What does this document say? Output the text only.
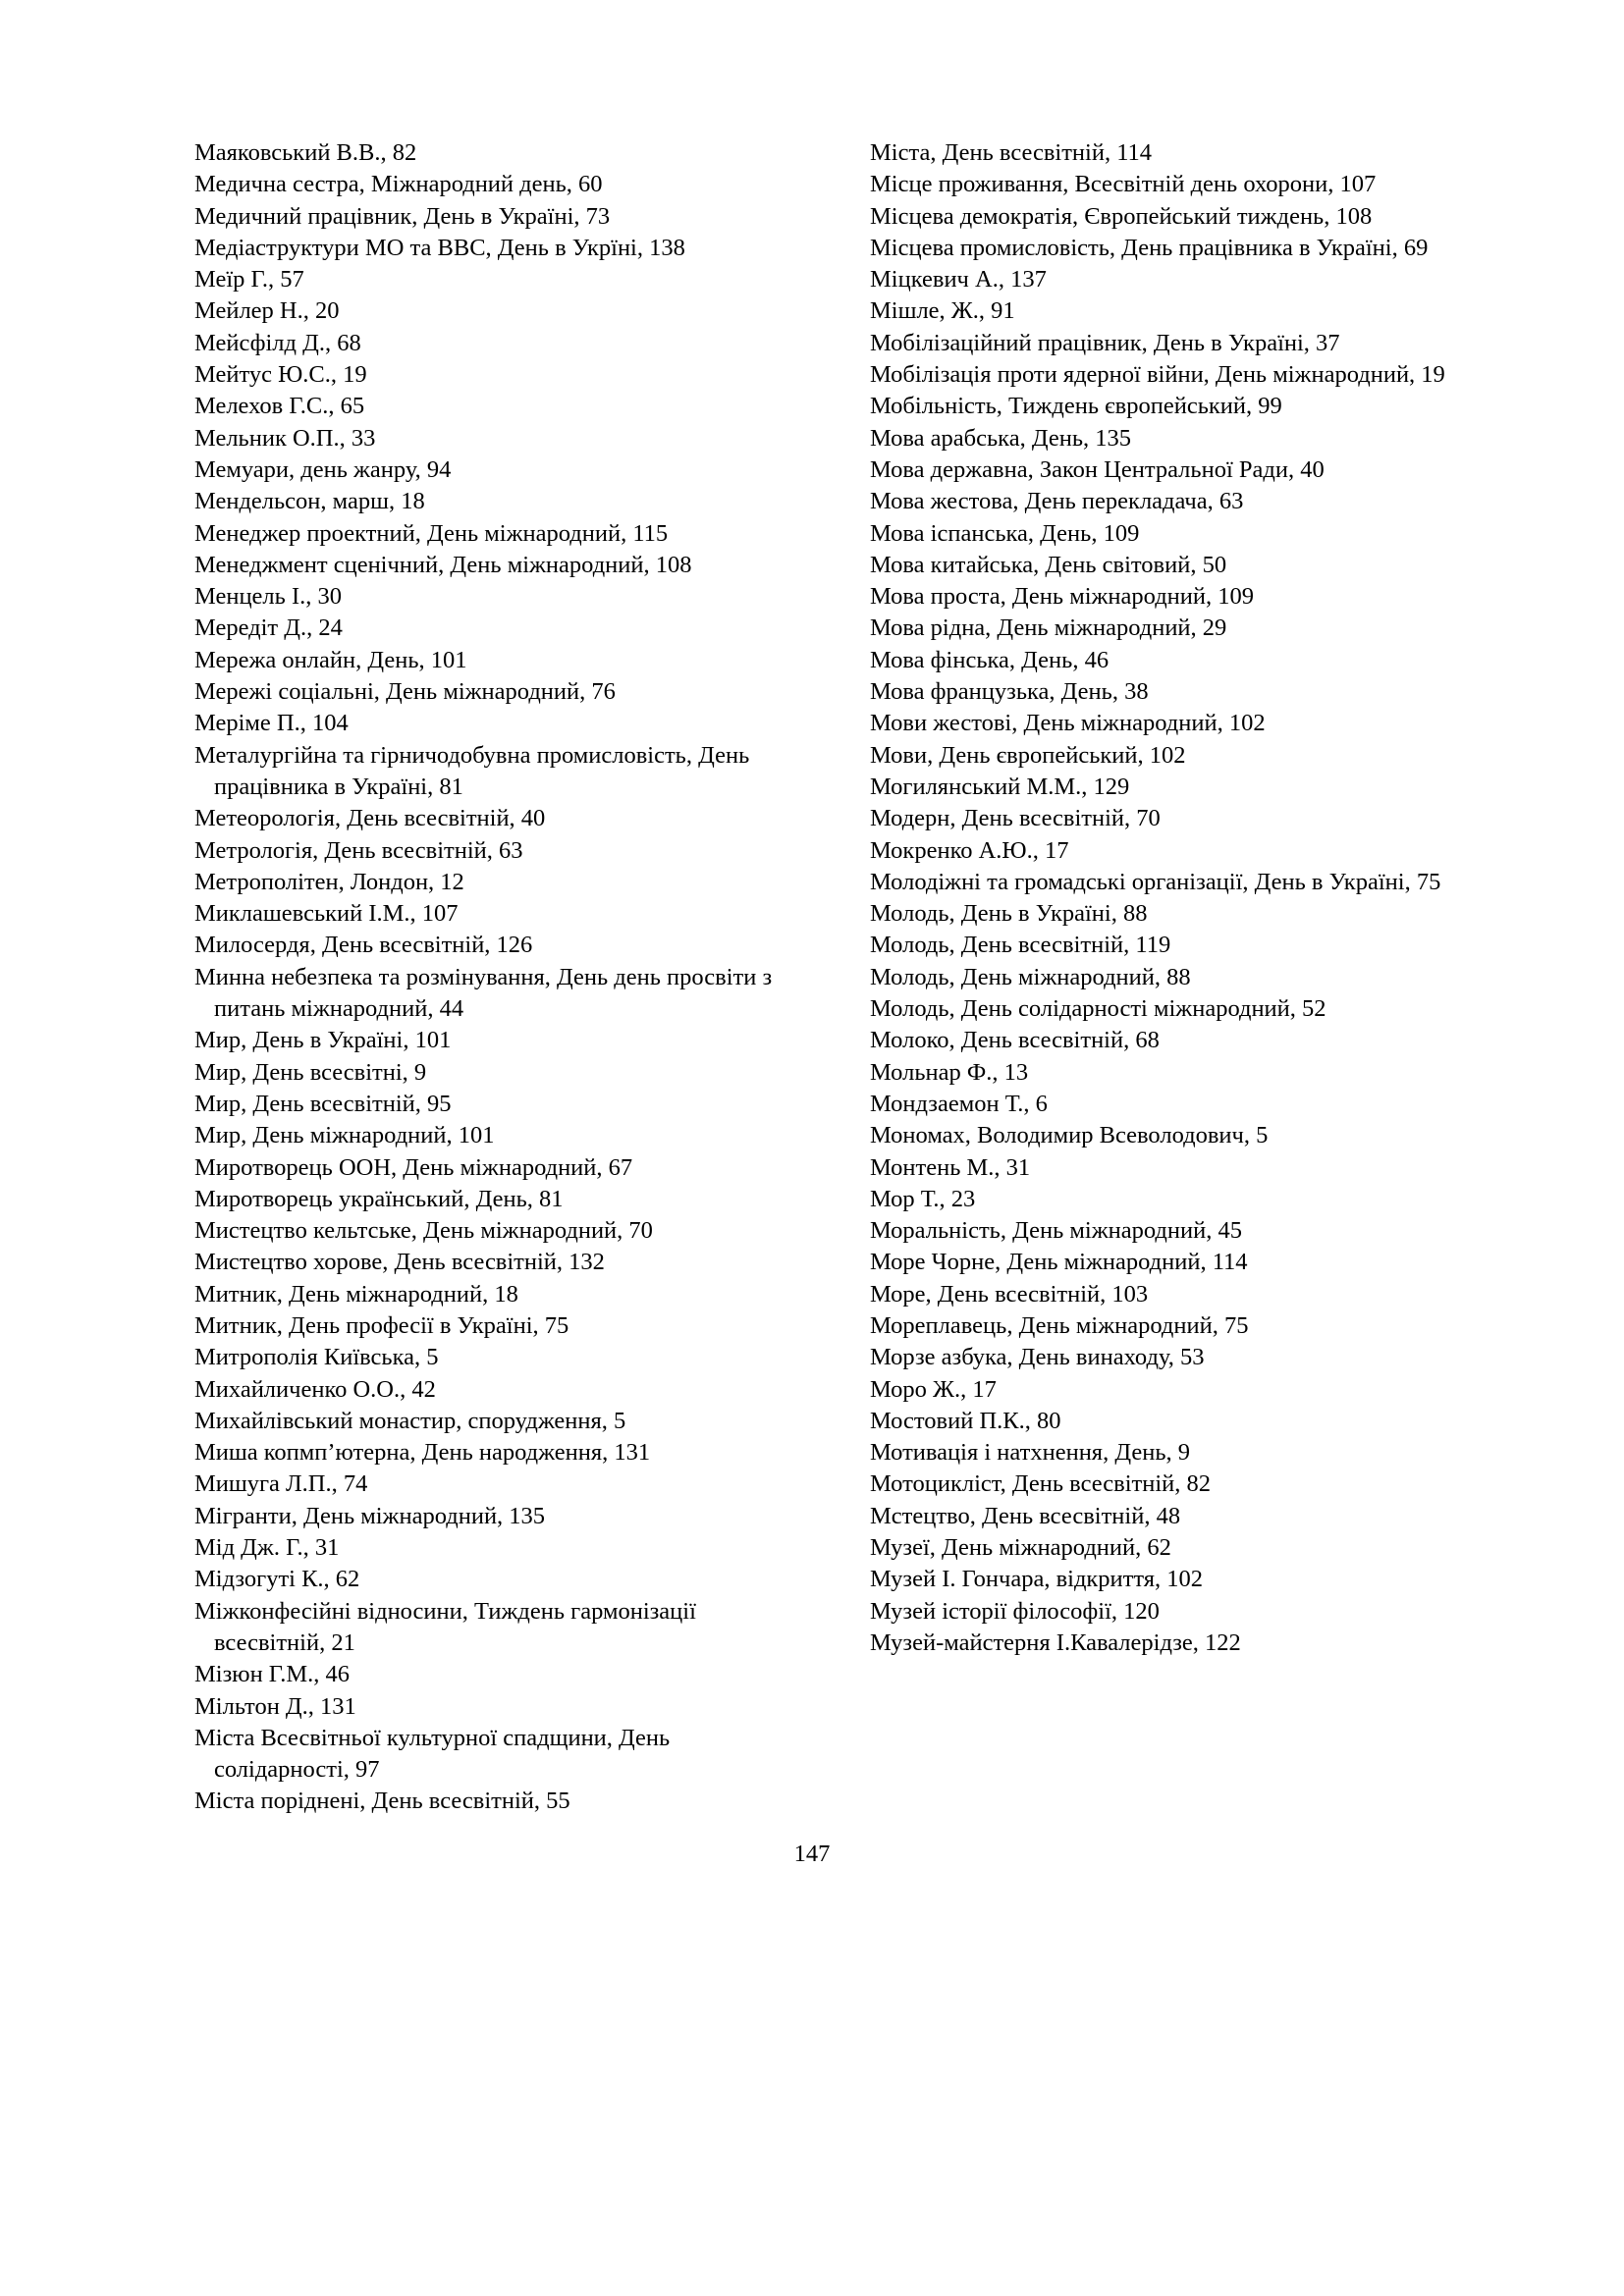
Маяковський В.В., 82
Медична сестра, Міжнародний день, 60
Медичний працівник, День в Україні, 73
Медіаструктури МО та ВВС, День в Укрїні, 138
Меїр Г., 57
Мейлер Н., 20
Мейсфілд Д., 68
Мейтус Ю.С., 19
Мелехов Г.С., 65
Мельник О.П., 33
Мемуари, день жанру, 94
Мендельсон, марш, 18
Менеджер проектний, День міжнародний, 115
Менеджмент сценічний, День міжнародний, 108
Менцель І., 30
Мередіт Д., 24
Мережа онлайн, День, 101
Мережі соціальні, День міжнародний, 76
Меріме П., 104
Металургійна та гірничодобувна промисловість, День працівника в Україні, 81
Метеорологія, День всесвітній, 40
Метрологія, День всесвітній, 63
Метрополітен, Лондон, 12
Миклашевський І.М., 107
Милосердя, День всесвітній, 126
Минна небезпека та розмінування, День день просвіти з питань міжнародний, 44
Мир, День в Україні, 101
Мир, День всесвітні, 9
Мир, День всесвітній, 95
Мир, День міжнародний, 101
Миротворець ООН, День міжнародний, 67
Миротворець український, День, 81
Мистецтво кельтське, День міжнародний, 70
Мистецтво хорове, День всесвітній, 132
Митник, День міжнародний, 18
Митник, День професії в Україні, 75
Митрополія Київська, 5
Михайличенко О.О., 42
Михайлівський монастир, спорудження, 5
Миша копмп’ютерна, День народження, 131
Мишуга Л.П., 74
Мігранти, День міжнародний, 135
Мід Дж. Г., 31
Мідзогуті К., 62
Міжконфесійні відносини, Тиждень гармонізації всесвітній, 21
Мізюн Г.М., 46
Мільтон Д., 131
Міста Всесвітньої культурної спадщини, День солідарності, 97
Міста поріднені, День всесвітній, 55
Міста, День всесвітній, 114
Місце проживання, Всесвітній день охорони, 107
Місцева демократія, Європейський тиждень, 108
Місцева промисловість, День працівника в Україні, 69
Міцкевич А., 137
Мішле, Ж., 91
Мобілізаційний працівник, День в Україні, 37
Мобілізація проти ядерної війни, День міжнародний, 19
Мобільність, Тиждень європейський, 99
Мова арабська, День, 135
Мова державна, Закон Центральної Ради, 40
Мова жестова, День перекладача, 63
Мова іспанська, День, 109
Мова китайська, День світовий, 50
Мова проста, День міжнародний, 109
Мова рідна, День міжнародний, 29
Мова фінська, День, 46
Мова французька, День, 38
Мови жестові, День міжнародний, 102
Мови, День європейський, 102
Могилянський М.М., 129
Модерн, День всесвітній, 70
Мокренко А.Ю., 17
Молодіжні та громадські організації, День в Україні, 75
Молодь, День в Україні, 88
Молодь, День всесвітній, 119
Молодь, День міжнародний, 88
Молодь, День солідарності міжнародний, 52
Молоко, День всесвітній, 68
Мольнар Ф., 13
Мондзаемон Т., 6
Мономах, Володимир Всеволодович, 5
Монтень М., 31
Мор Т., 23
Моральність, День міжнародний, 45
Море Чорне, День міжнародний, 114
Море, День всесвітній, 103
Мореплавець, День міжнародний, 75
Морзе азбука, День винаходу, 53
Моро Ж., 17
Мостовий П.К., 80
Мотивація і натхнення, День, 9
Мотоцикліст, День всесвітній, 82
Мстецтво, День всесвітній, 48
Музеї, День міжнародний, 62
Музей І. Гончара, відкриття, 102
Музей історії філософії, 120
Музей-майстерня І.Кавалерідзе, 122
147
